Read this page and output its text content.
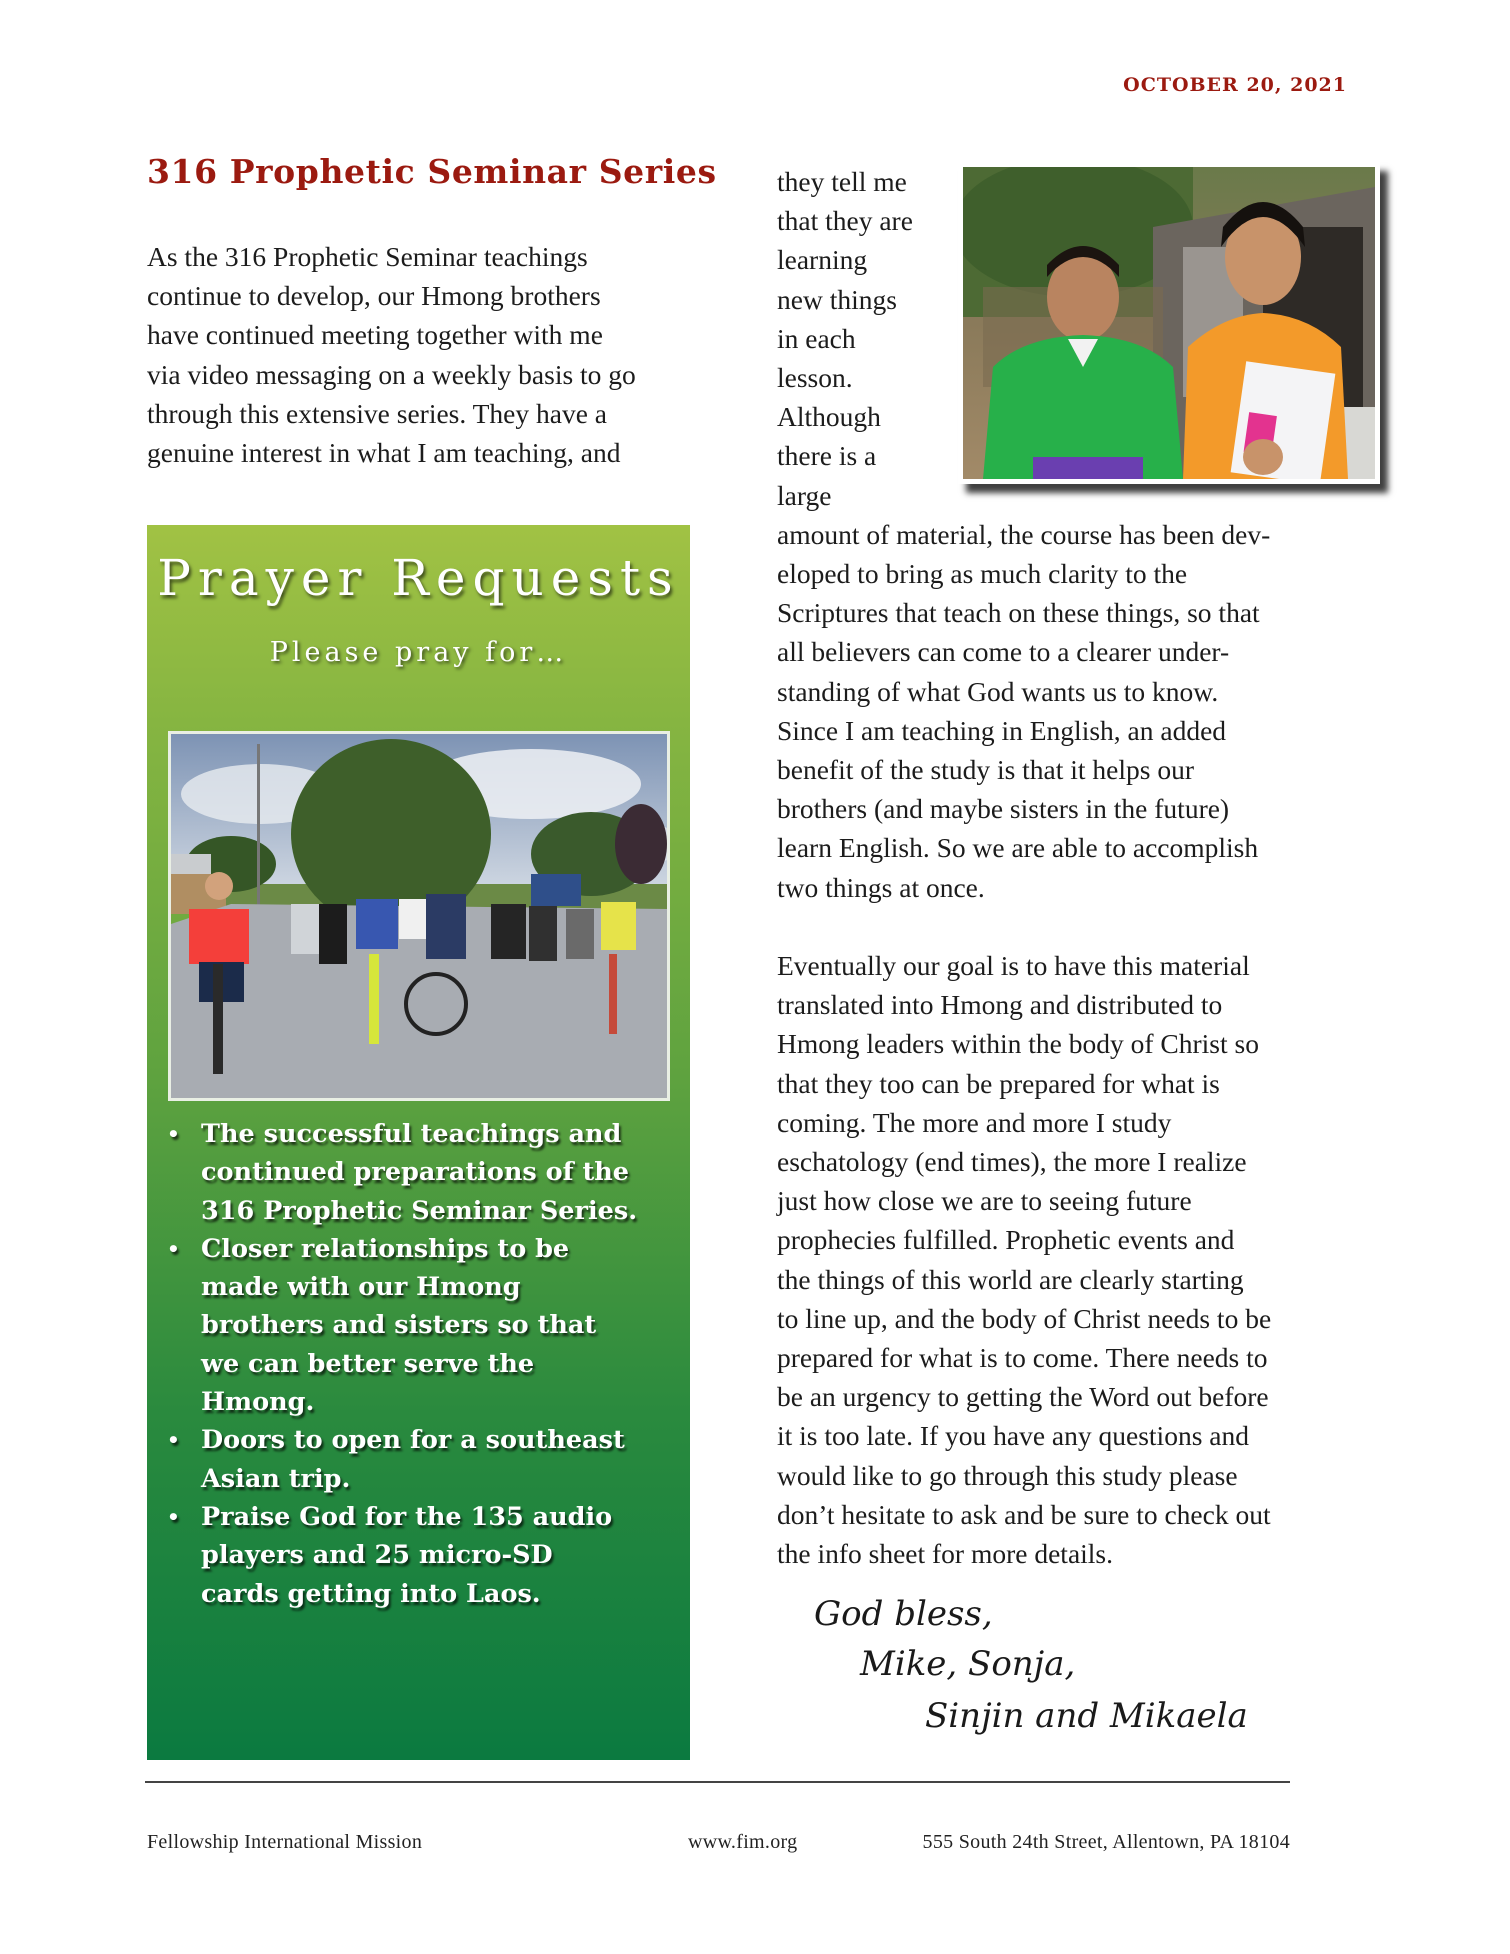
OCTOBER 20, 2021
316 Prophetic Seminar Series
As the 316 Prophetic Seminar teachings
continue to develop, our Hmong brothers
have continued meeting together with me
via video messaging on a weekly basis to go
through this extensive series. They have a
genuine interest in what I am teaching, and
they tell me
that they are
learning
new things
in each
lesson.
Although
there is a
large
amount of material, the course has been dev-
eloped to bring as much clarity to the
Scriptures that teach on these things, so that
all believers can come to a clearer under-
standing of what God wants us to know.
Since I am teaching in English, an added
benefit of the study is that it helps our
brothers (and maybe sisters in the future)
learn English. So we are able to accomplish
two things at once.
Eventually our goal is to have this material
translated into Hmong and distributed to
Hmong leaders within the body of Christ so
that they too can be prepared for what is
coming. The more and more I study
eschatology (end times), the more I realize
just how close we are to seeing future
prophecies fulfilled. Prophetic events and
the things of this world are clearly starting
to line up, and the body of Christ needs to be
prepared for what is to come. There needs to
be an urgency to getting the Word out before
it is too late. If you have any questions and
would like to go through this study please
don’t hesitate to ask and be sure to check out
the info sheet for more details.
Prayer Requests
Please pray for…
• The successful teachings and
continued preparations of the
316 Prophetic Seminar Series.
• Closer relationships to be
made with our Hmong
brothers and sisters so that
we can better serve the
Hmong.
• Doors to open for a southeast
Asian trip.
• Praise God for the 135 audio
players and 25 micro-SD
cards getting into Laos.
God bless,
Mike, Sonja,
Sinjin and Mikaela
Fellowship International Mission	www.fim.org	555 South 24th Street, Allentown, PA 18104
